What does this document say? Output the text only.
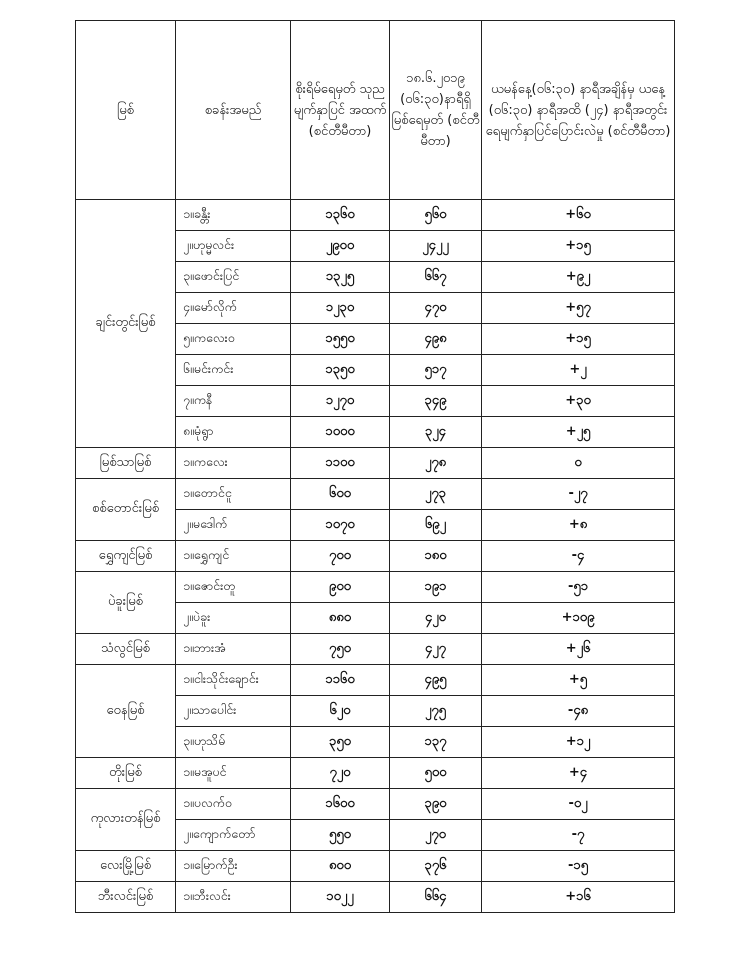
မြစ်	စခန်းအမည်	စိုးရိမ်ရေမှတ် သုည မျက်နှာပြင် အထက် (စင်တီမီတာ)	၁၈.၆.၂၀၁၉ (၀၆:၃၀)နာရီရှိ မြစ်ရေမှတ် (စင်တီမီတာ)	ယမန်နေ့(၀၆:၃၀) နာရီအချိန်မှ ယနေ့ (၀၆:၃၀) နာရီအထိ (၂၄) နာရီအတွင်း ရေမျက်နှာပြင်ပြောင်းလဲမှု (စင်တီမီတာ)
ချင်းတွင်းမြစ်	၁။ခန္တီး	၁၃၆၀	၅၆၀	+၆၀
	၂။ဟုမ္မလင်း	၂၉၀၀	၂၄၂၂	+၁၅
	၃။ဖောင်းပြင်	၁၃၂၅	၆၆၇	+၉၂
	၄။မော်လိုက်	၁၂၃၀	၄၇၀	+၅၇
	၅။ကလေးဝ	၁၅၅၀	၄၉၈	+၁၅
	၆။မင်းကင်း	၁၃၅၀	၅၁၇	+၂
	၇။ကနီ	၁၂၇၀	၃၄၉	+၃၀
	၈။မုံရွာ	၁၀၀၀	၃၂၄	+၂၅
မြစ်သာမြစ်	၁။ကလေး	၁၁၀၀	၂၇၈	၀
စစ်တောင်းမြစ်	၁။တောင်ငူ	၆၀၀	၂၇၃	-၂၇
	၂။မဒေါက်	၁၀၇၀	၆၉၂	+၈
ရွှေကျင်မြစ်	၁။ရွှေကျင်	၇၀၀	၁၈၀	-၄
ပဲခူးမြစ်	၁။ဇောင်းတူ	၉၀၀	၁၉၁	-၅၁
	၂။ပဲခူး	၈၈၀	၄၂၀	+၁၀၉
သံလွင်မြစ်	၁။ဘားအံ	၇၅၀	၄၂၇	+၂၆
ဝေနမြစ်	၁။ငါးသိုင်းချောင်း	၁၁၆၀	၄၉၅	+၅
	၂။သာပေါင်း	၆၂၀	၂၇၅	-၄၈
	၃။ဟုသိမ်	၃၅၀	၁၃၇	+၁၂
တိုးမြစ်	၁။မအူပင်	၇၂၀	၅၀၀	+၄
ကုလားတန်မြစ်	၁။ပလက်ဝ	၁၆၀၀	၃၉၀	-၀၂
	၂။ကျောက်တော်	၅၅၀	၂၇၀	-၇
လေးမြို့မြစ်	၁။မြောက်ဦး	၈၀၀	၃၇၆	-၁၅
ဘီးလင်းမြစ်	၁။ဘီးလင်း	၁၀၂၂	၆၆၄	+၁၆
